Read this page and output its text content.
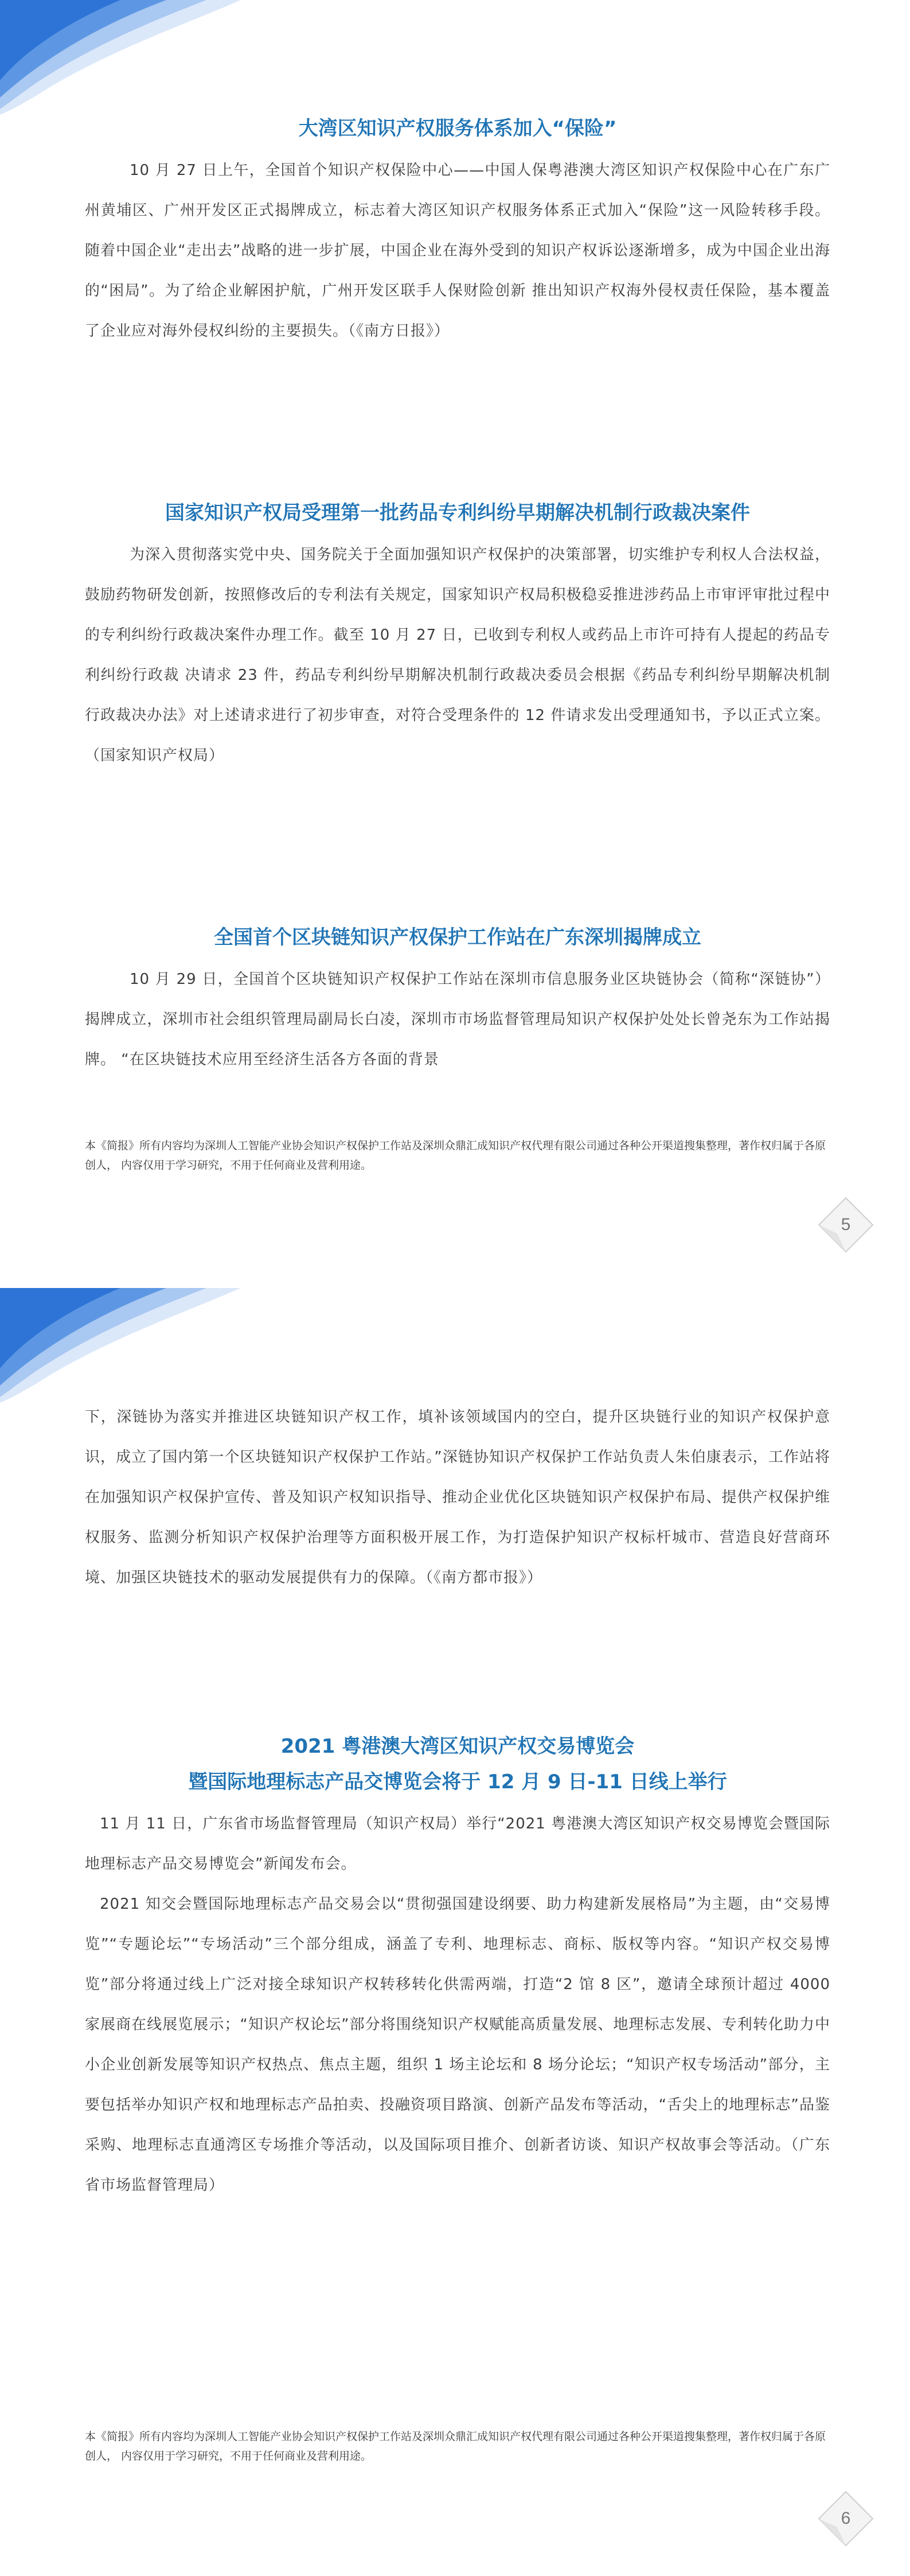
大湾区知识产权服务体系加入“保险”

10 月 27 日上午，全国首个知识产权保险中心——中国人保粤港澳大湾区知识产权保险中心在广东广州黄埔区、广州开发区正式揭牌成立，标志着大湾区知识产权服务体系正式加入“保险”这一风险转移手段。 随着中国企业“走出去”战略的进一步扩展，中国企业在海外受到的知识产权诉讼逐渐增多，成为中国企业出海的“困局”。为了给企业解困护航，广州开发区联手人保财险创新 推出知识产权海外侵权责任保险，基本覆盖了企业应对海外侵权纠纷的主要损失。（《南方日报》）

国家知识产权局受理第一批药品专利纠纷早期解决机制行政裁决案件

为深入贯彻落实党中央、国务院关于全面加强知识产权保护的决策部署，切实维护专利权人合法权益，鼓励药物研发创新，按照修改后的专利法有关规定，国家知识产权局积极稳妥推进涉药品上市审评审批过程中的专利纠纷行政裁决案件办理工作。截至 10 月 27 日，已收到专利权人或药品上市许可持有人提起的药品专利纠纷行政裁 决请求 23 件，药品专利纠纷早期解决机制行政裁决委员会根据《药品专利纠纷早期解决机制行政裁决办法》对上述请求进行了初步审查，对符合受理条件的 12 件请求发出受理通知书，予以正式立案。（国家知识产权局）

全国首个区块链知识产权保护工作站在广东深圳揭牌成立

10 月 29 日，全国首个区块链知识产权保护工作站在深圳市信息服务业区块链协会（简称“深链协”）揭牌成立，深圳市社会组织管理局副局长白凌，深圳市市场监督管理局知识产权保护处处长曾尧东为工作站揭牌。 “在区块链技术应用至经济生活各方各面的背景

本《简报》所有内容均为深圳人工智能产业协会知识产权保护工作站及深圳众鼎汇成知识产权代理有限公司通过各种公开渠道搜集整理，著作权归属于各原创人， 内容仅用于学习研究，不用于任何商业及营利用途。

5

下，深链协为落实并推进区块链知识产权工作，填补该领域国内的空白，提升区块链行业的知识产权保护意识，成立了国内第一个区块链知识产权保护工作站。”深链协知识产权保护工作站负责人朱伯康表示，工作站将在加强知识产权保护宣传、普及知识产权知识指导、推动企业优化区块链知识产权保护布局、提供产权保护维权服务、监测分析知识产权保护治理等方面积极开展工作，为打造保护知识产权标杆城市、营造良好营商环境、加强区块链技术的驱动发展提供有力的保障。（《南方都市报》）

2021 粤港澳大湾区知识产权交易博览会
暨国际地理标志产品交博览会将于 12 月 9 日-11 日线上举行

11 月 11 日，广东省市场监督管理局（知识产权局）举行“2021 粤港澳大湾区知识产权交易博览会暨国际地理标志产品交易博览会”新闻发布会。

2021 知交会暨国际地理标志产品交易会以“贯彻强国建设纲要、助力构建新发展格局”为主题，由“交易博览”“专题论坛”“专场活动”三个部分组成，涵盖了专利、地理标志、商标、版权等内容。“知识产权交易博览”部分将通过线上广泛对接全球知识产权转移转化供需两端，打造“2 馆 8 区”，邀请全球预计超过 4000 家展商在线展览展示；“知识产权论坛”部分将围绕知识产权赋能高质量发展、地理标志发展、专利转化助力中小企业创新发展等知识产权热点、焦点主题，组织 1 场主论坛和 8 场分论坛；“知识产权专场活动”部分，主要包括举办知识产权和地理标志产品拍卖、投融资项目路演、创新产品发布等活动，“舌尖上的地理标志”品鉴采购、地理标志直通湾区专场推介等活动，以及国际项目推介、创新者访谈、知识产权故事会等活动。（广东省市场监督管理局）

本《简报》所有内容均为深圳人工智能产业协会知识产权保护工作站及深圳众鼎汇成知识产权代理有限公司通过各种公开渠道搜集整理，著作权归属于各原创人， 内容仅用于学习研究，不用于任何商业及营利用途。

6
